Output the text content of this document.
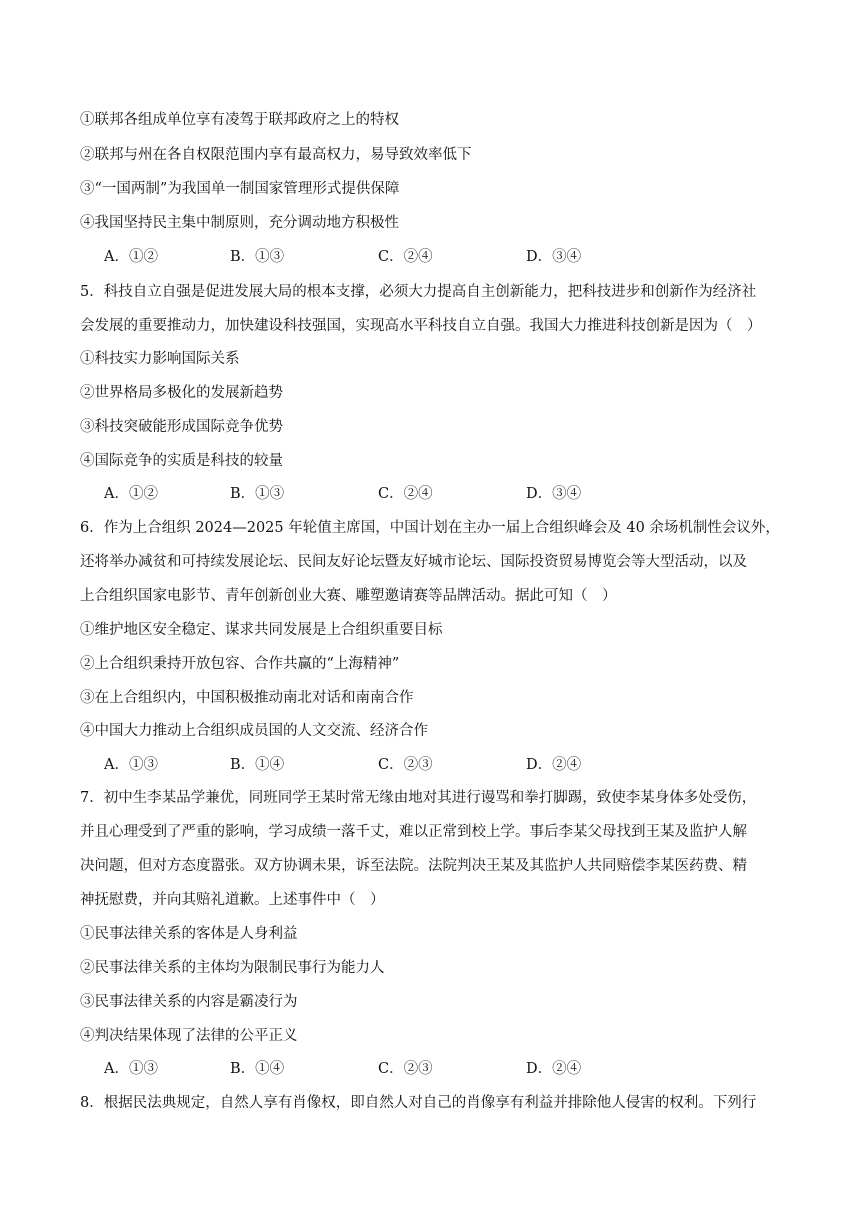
①联邦各组成单位享有凌驾于联邦政府之上的特权
②联邦与州在各自权限范围内享有最高权力，易导致效率低下
③“一国两制”为我国单一制国家管理形式提供保障
④我国坚持民主集中制原则，充分调动地方积极性
A．①②	B．①③	C．②④	D．③④
5．科技自立自强是促进发展大局的根本支撑，必须大力提高自主创新能力，把科技进步和创新作为经济社
会发展的重要推动力，加快建设科技强国，实现高水平科技自立自强。我国大力推进科技创新是因为（　）
①科技实力影响国际关系
②世界格局多极化的发展新趋势
③科技突破能形成国际竞争优势
④国际竞争的实质是科技的较量
A．①②	B．①③	C．②④	D．③④
6．作为上合组织 2024—2025 年轮值主席国，中国计划在主办一届上合组织峰会及 40 余场机制性会议外，
还将举办减贫和可持续发展论坛、民间友好论坛暨友好城市论坛、国际投资贸易博览会等大型活动，以及
上合组织国家电影节、青年创新创业大赛、雕塑邀请赛等品牌活动。据此可知（　）
①维护地区安全稳定、谋求共同发展是上合组织重要目标
②上合组织秉持开放包容、合作共赢的“上海精神”
③在上合组织内，中国积极推动南北对话和南南合作
④中国大力推动上合组织成员国的人文交流、经济合作
A．①③	B．①④	C．②③	D．②④
7．初中生李某品学兼优，同班同学王某时常无缘由地对其进行谩骂和拳打脚踢，致使李某身体多处受伤，
并且心理受到了严重的影响，学习成绩一落千丈，难以正常到校上学。事后李某父母找到王某及监护人解
决问题，但对方态度嚣张。双方协调未果，诉至法院。法院判决王某及其监护人共同赔偿李某医药费、精
神抚慰费，并向其赔礼道歉。上述事件中（　）
①民事法律关系的客体是人身利益
②民事法律关系的主体均为限制民事行为能力人
③民事法律关系的内容是霸凌行为
④判决结果体现了法律的公平正义
A．①③	B．①④	C．②③	D．②④
8．根据民法典规定，自然人享有肖像权，即自然人对自己的肖像享有利益并排除他人侵害的权利。下列行
